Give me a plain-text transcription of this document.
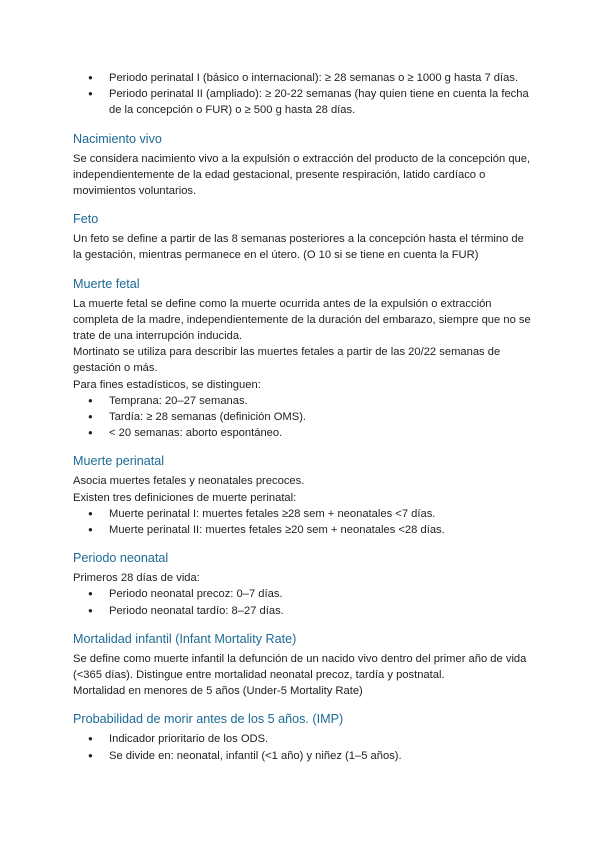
● Periodo perinatal I (básico o internacional): ≥ 28 semanas o ≥ 1000 g hasta 7 días.
● Periodo perinatal II (ampliado): ≥ 20-22 semanas (hay quien tiene en cuenta la fecha de la concepción o FUR) o ≥ 500 g hasta 28 días.
Nacimiento vivo

Se considera nacimiento vivo a la expulsión o extracción del producto de la concepción que, independientemente de la edad gestacional, presente respiración, latido cardíaco o movimientos voluntarios.

Feto

Un feto se define a partir de las 8 semanas posteriores a la concepción hasta el término de la gestación, mientras permanece en el útero. (O 10 si se tiene en cuenta la FUR)

Muerte fetal

La muerte fetal se define como la muerte ocurrida antes de la expulsión o extracción completa de la madre, independientemente de la duración del embarazo, siempre que no se trate de una interrupción inducida.

Mortinato se utiliza para describir las muertes fetales a partir de las 20/22 semanas de gestación o más.

Para fines estadísticos, se distinguen:

● Temprana: 20–27 semanas.
● Tardía: ≥ 28 semanas (definición OMS).
● < 20 semanas: aborto espontáneo.
Muerte perinatal

Asocia muertes fetales y neonatales precoces.

Existen tres definiciones de muerte perinatal:

● Muerte perinatal I: muertes fetales ≥28 sem + neonatales <7 días.
● Muerte perinatal II: muertes fetales ≥20 sem + neonatales <28 días.
Periodo neonatal

Primeros 28 días de vida:

● Periodo neonatal precoz: 0–7 días.
● Periodo neonatal tardío: 8–27 días.
Mortalidad infantil (Infant Mortality Rate)

Se define como muerte infantil la defunción de un nacido vivo dentro del primer año de vida (<365 días). Distingue entre mortalidad neonatal precoz, tardía y postnatal.

Mortalidad en menores de 5 años (Under-5 Mortality Rate)

Probabilidad de morir antes de los 5 años. (IMP)
● Indicador prioritario de los ODS.
● Se divide en: neonatal, infantil (<1 año) y niñez (1–5 años).
